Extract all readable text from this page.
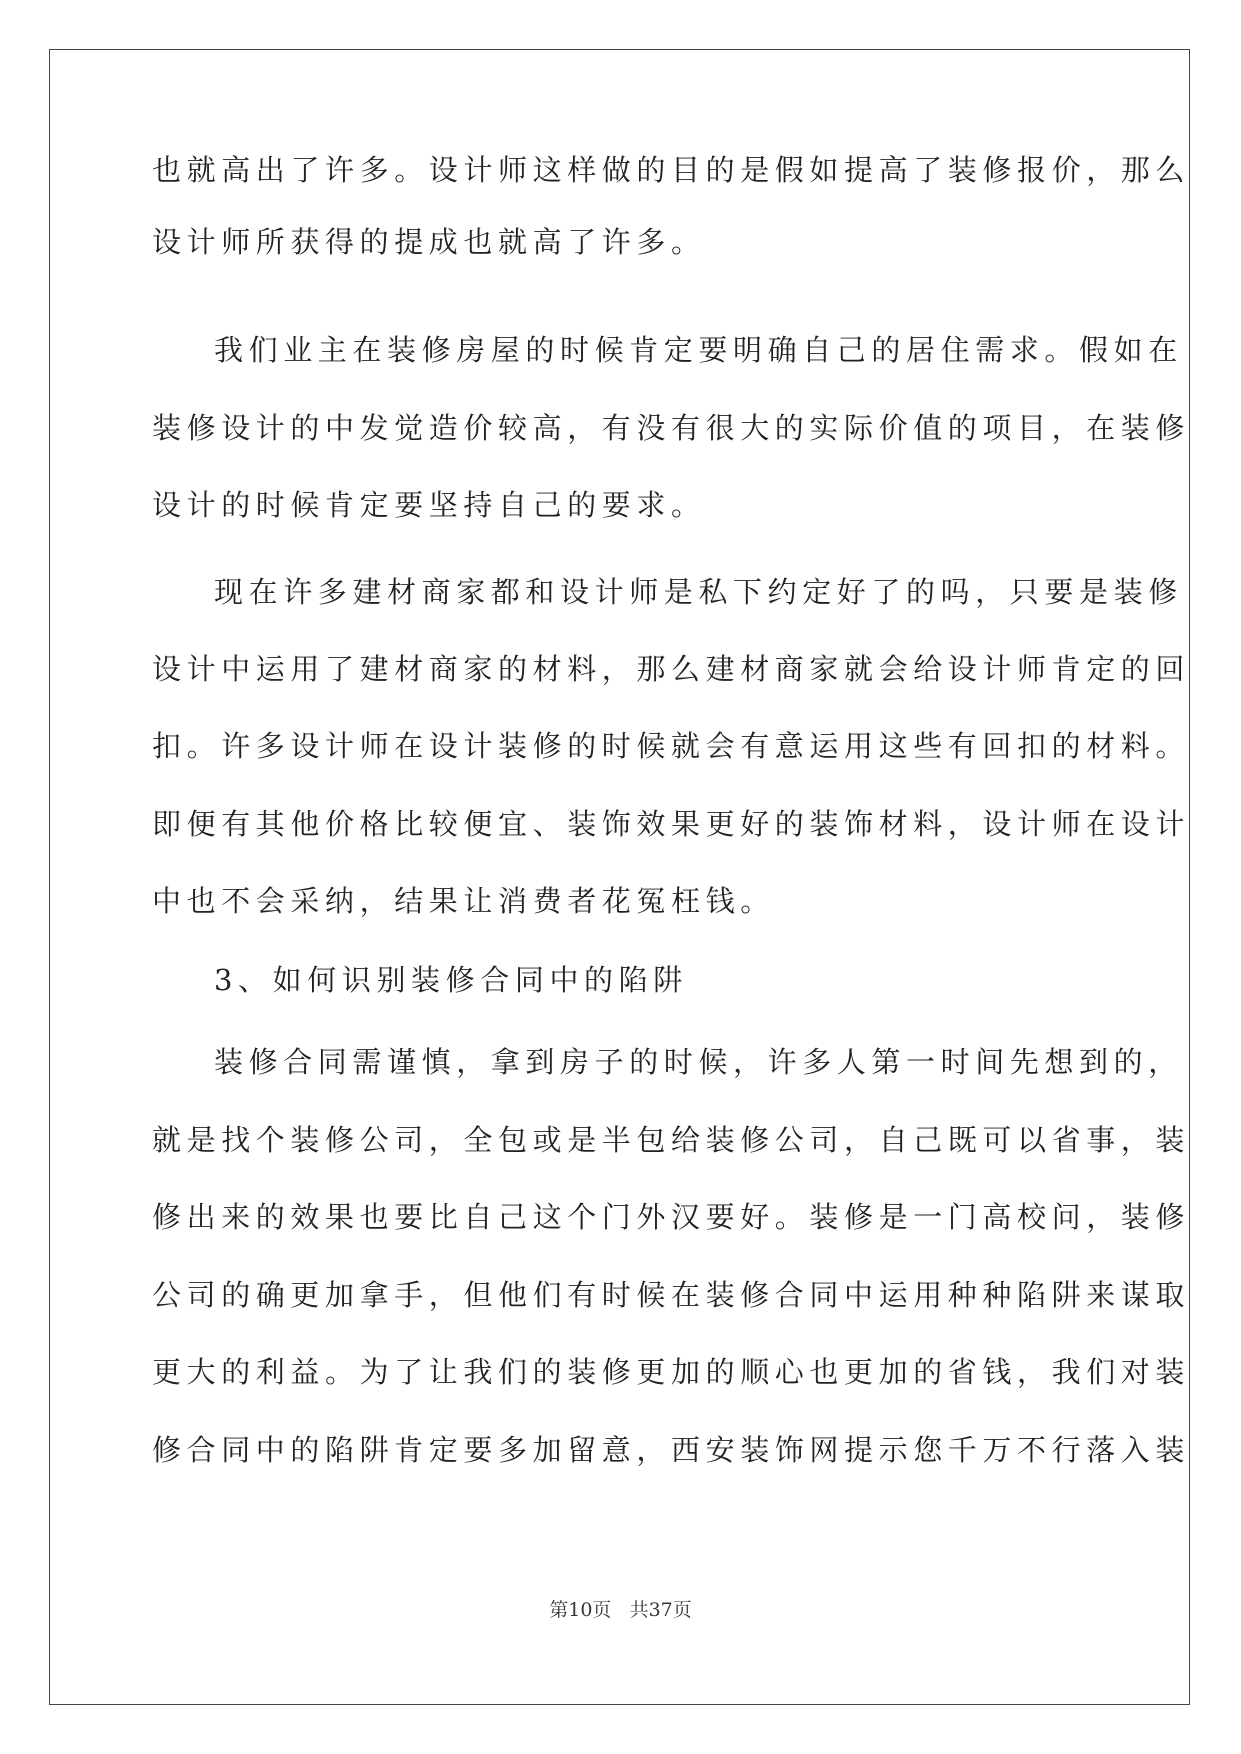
也就高出了许多。设计师这样做的目的是假如提高了装修报价，那么
设计师所获得的提成也就高了许多。
我们业主在装修房屋的时候肯定要明确自己的居住需求。假如在
装修设计的中发觉造价较高，有没有很大的实际价值的项目，在装修
设计的时候肯定要坚持自己的要求。
现在许多建材商家都和设计师是私下约定好了的吗，只要是装修
设计中运用了建材商家的材料，那么建材商家就会给设计师肯定的回
扣。许多设计师在设计装修的时候就会有意运用这些有回扣的材料。
即便有其他价格比较便宜、装饰效果更好的装饰材料，设计师在设计
中也不会采纳，结果让消费者花冤枉钱。
3、如何识别装修合同中的陷阱
装修合同需谨慎，拿到房子的时候，许多人第一时间先想到的，
就是找个装修公司，全包或是半包给装修公司，自己既可以省事，装
修出来的效果也要比自己这个门外汉要好。装修是一门高校问，装修
公司的确更加拿手，但他们有时候在装修合同中运用种种陷阱来谋取
更大的利益。为了让我们的装修更加的顺心也更加的省钱，我们对装
修合同中的陷阱肯定要多加留意，西安装饰网提示您千万不行落入装
第10页 共37页
